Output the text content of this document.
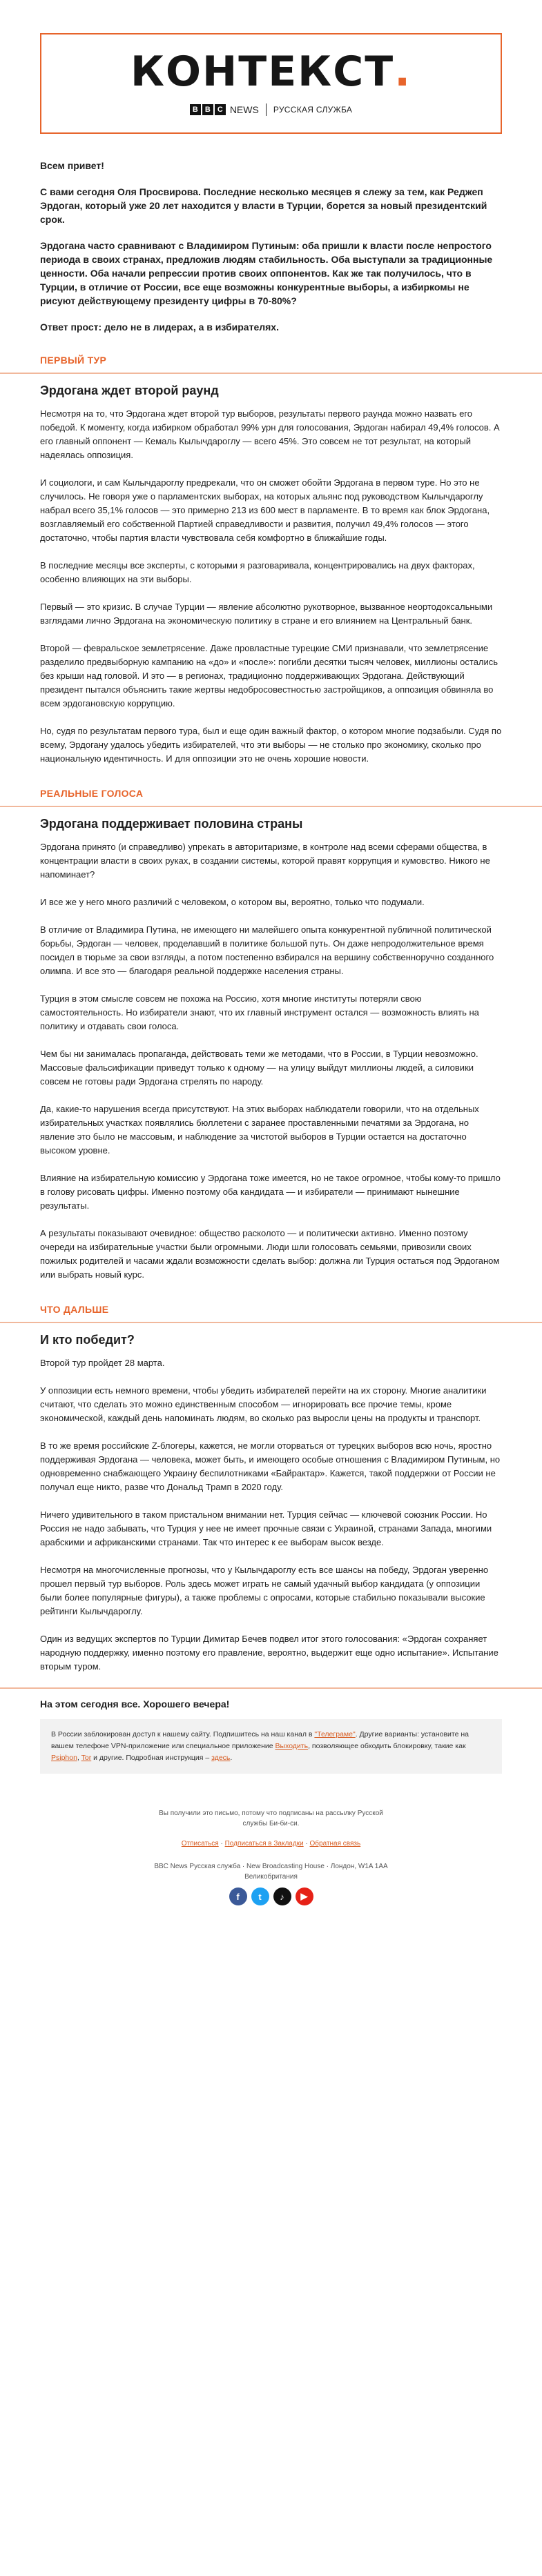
КОНТЕКСТ.
B B C NEWS РУССКАЯ СЛУЖБА

Всем привет!

С вами сегодня Оля Просвирова. Последние несколько месяцев я слежу за тем, как Реджеп Эрдоган, который уже 20 лет находится у власти в Турции, борется за новый президентский срок.

Эрдогана часто сравнивают с Владимиром Путиным: оба пришли к власти после непростого периода в своих странах, предложив людям стабильность. Оба выступали за традиционные ценности. Оба начали репрессии против своих оппонентов. Как же так получилось, что в Турции, в отличие от России, все еще возможны конкурентные выборы, а избиркомы не рисуют действующему президенту цифры в 70-80%?

Ответ прост: дело не в лидерах, а в избирателях.

ПЕРВЫЙ ТУР
Эрдогана ждет второй раунд

Несмотря на то, что Эрдогана ждет второй тур выборов, результаты первого раунда можно назвать его победой. К моменту, когда избирком обработал 99% урн для голосования, Эрдоган набирал 49,4% голосов. А его главный оппонент — Кемаль Кылычдароглу — всего 45%. Это совсем не тот результат, на который надеялась оппозиция.

И социологи, и сам Кылычдароглу предрекали, что он сможет обойти Эрдогана в первом туре. Но это не случилось. Не говоря уже о парламентских выборах, на которых альянс под руководством Кылычдароглу набрал всего 35,1% голосов — это примерно 213 из 600 мест в парламенте. В то время как блок Эрдогана, возглавляемый его собственной Партией справедливости и развития, получил 49,4% голосов — этого достаточно, чтобы партия власти чувствовала себя комфортно в ближайшие годы.

В последние месяцы все эксперты, с которыми я разговаривала, концентрировались на двух факторах, особенно влияющих на эти выборы.

Первый — это кризис. В случае Турции — явление абсолютно рукотворное, вызванное неортодоксальными взглядами лично Эрдогана на экономическую политику в стране и его влиянием на Центральный банк.

Второй — февральское землетрясение. Даже провластные турецкие СМИ признавали, что землетрясение разделило предвыборную кампанию на «до» и «после»: погибли десятки тысяч человек, миллионы остались без крыши над головой. И это — в регионах, традиционно поддерживающих Эрдогана. Действующий президент пытался объяснить такие жертвы недобросовестностью застройщиков, а оппозиция обвиняла во всем эрдогановскую коррупцию.

Но, судя по результатам первого тура, был и еще один важный фактор, о котором многие подзабыли. Судя по всему, Эрдогану удалось убедить избирателей, что эти выборы — не столько про экономику, сколько про национальную идентичность. И для оппозиции это не очень хорошие новости.

РЕАЛЬНЫЕ ГОЛОСА
Эрдогана поддерживает половина страны

Эрдогана принято (и справедливо) упрекать в авторитаризме, в контроле над всеми сферами общества, в концентрации власти в своих руках, в создании системы, которой правят коррупция и кумовство. Никого не напоминает?

И все же у него много различий с человеком, о котором вы, вероятно, только что подумали.

В отличие от Владимира Путина, не имеющего ни малейшего опыта конкурентной публичной политической борьбы, Эрдоган — человек, проделавший в политике большой путь. Он даже непродолжительное время посидел в тюрьме за свои взгляды, а потом постепенно взбирался на вершину собственноручно созданного олимпа. И все это — благодаря реальной поддержке населения страны.

Турция в этом смысле совсем не похожа на Россию, хотя многие институты потеряли свою самостоятельность. Но избиратели знают, что их главный инструмент остался — возможность влиять на политику и отдавать свои голоса.

Чем бы ни занималась пропаганда, действовать теми же методами, что в России, в Турции невозможно. Массовые фальсификации приведут только к одному — на улицу выйдут миллионы людей, а силовики совсем не готовы ради Эрдогана стрелять по народу.

Да, какие-то нарушения всегда присутствуют. На этих выборах наблюдатели говорили, что на отдельных избирательных участках появлялись бюллетени с заранее проставленными печатями за Эрдогана, но явление это было не массовым, и наблюдение за чистотой выборов в Турции остается на достаточно высоком уровне.

Влияние на избирательную комиссию у Эрдогана тоже имеется, но не такое огромное, чтобы кому-то пришло в голову рисовать цифры. Именно поэтому оба кандидата — и избиратели — принимают нынешние результаты.

А результаты показывают очевидное: общество расколото — и политически активно. Именно поэтому очереди на избирательные участки были огромными. Люди шли голосовать семьями, привозили своих пожилых родителей и часами ждали возможности сделать выбор: должна ли Турция остаться под Эрдоганом или выбрать новый курс.

ЧТО ДАЛЬШЕ
И кто победит?

Второй тур пройдет 28 марта.

У оппозиции есть немного времени, чтобы убедить избирателей перейти на их сторону. Многие аналитики считают, что сделать это можно единственным способом — игнорировать все прочие темы, кроме экономической, каждый день напоминать людям, во сколько раз выросли цены на продукты и транспорт.

В то же время российские Z-блогеры, кажется, не могли оторваться от турецких выборов всю ночь, яростно поддерживая Эрдогана — человека, может быть, и имеющего особые отношения с Владимиром Путиным, но одновременно снабжающего Украину беспилотниками «Байрактар». Кажется, такой поддержки от России не получал еще никто, разве что Дональд Трамп в 2020 году.

Ничего удивительного в таком пристальном внимании нет. Турция сейчас — ключевой союзник России. Но Россия не надо забывать, что Турция у нее не имеет прочные связи с Украиной, странами Запада, многими арабскими и африканскими странами. Так что интерес к ее выборам высок везде.

Несмотря на многочисленные прогнозы, что у Кылычдароглу есть все шансы на победу, Эрдоган уверенно прошел первый тур выборов. Роль здесь может играть не самый удачный выбор кандидата (у оппозиции были более популярные фигуры), а также проблемы с опросами, которые стабильно показывали высокие рейтинги Кылычдароглу.

Один из ведущих экспертов по Турции Димитар Бечев подвел итог этого голосования: «Эрдоган сохраняет народную поддержку, именно поэтому его правление, вероятно, выдержит еще одно испытание». Испытание вторым туром.

На этом сегодня все. Хорошего вечера!

В России заблокирован доступ к нашему сайту. Подпишитесь на наш канал в "Телеграме". Другие варианты: установите на вашем телефоне VPN-приложение или специальное приложение Выходить, позволяющее обходить блокировку, такие как Psiphon, Tor и другие. Подробная инструкция – здесь.
Вы получили это письмо, потому что подписаны на рассылку Русской
службы Би-би-си.
Отписаться · Подписаться в Закладки · Обратная связь
BBC News Русская служба · New Broadcasting House · Лондон, W1A 1AA
Великобритания
f	t	♪	▶
